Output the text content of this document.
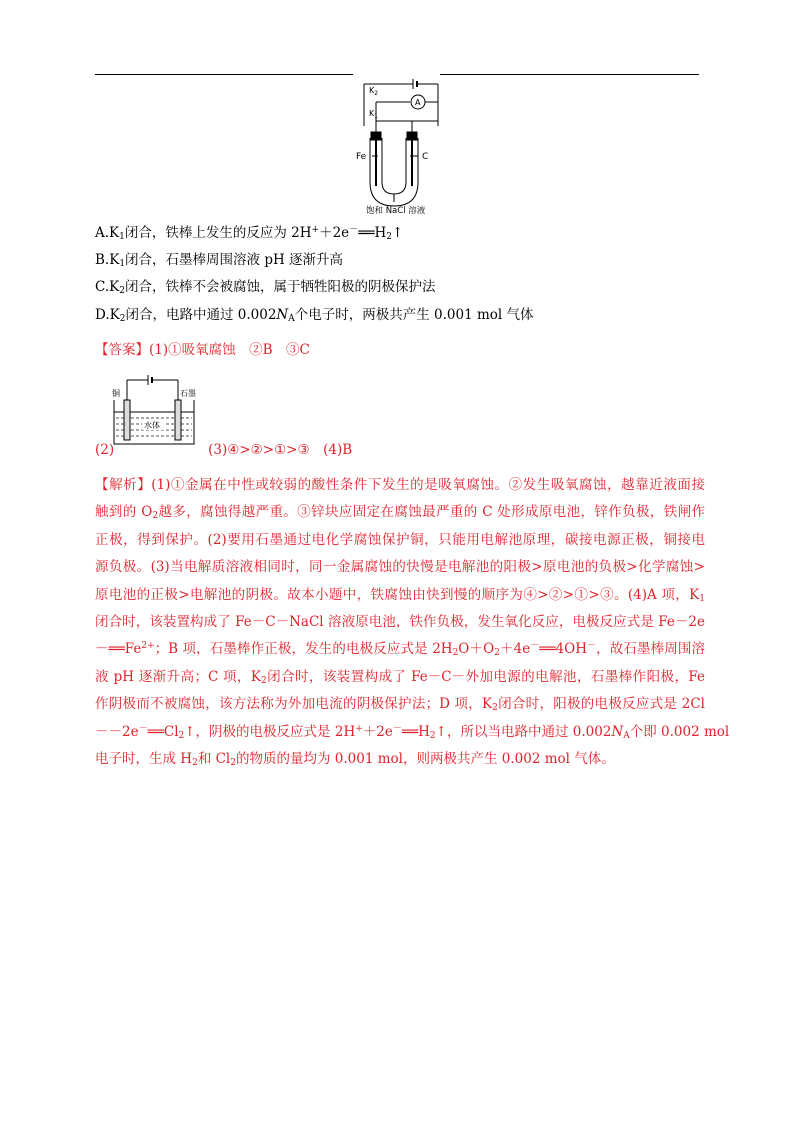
$K_2$
A
$K_1$
Fe	C
饱和 NaCl 溶液
$A.K_1$闭合，铁棒上发生的反应为 $2H^++2e^-══H_2↑$
$B.K_1$闭合，石墨棒周围溶液 pH 逐渐升高
$C.K_2$闭合，铁棒不会被腐蚀，属于牺牲阳极的阴极保护法
$D.K_2$闭合，电路中通过 $0.002N_A$个电子时，两极共产生 0.001 mol 气体
【答案】(1)①吸氧腐蚀　②B　③C
铜	石墨
水体
(2)	(3)④>②>①>③　(4)B
【解析】(1)①金属在中性或较弱的酸性条件下发生的是吸氧腐蚀。②发生吸氧腐蚀，越靠近液面接
触到的 $O_2$越多，腐蚀得越严重。③锌块应固定在腐蚀最严重的 C 处形成原电池，锌作负极，铁闸作
正极，得到保护。(2)要用石墨通过电化学腐蚀保护铜，只能用电解池原理，碳接电源正极，铜接电
源负极。(3)当电解质溶液相同时，同一金属腐蚀的快慢是电解池的阳极>原电池的负极>化学腐蚀>
原电池的正极>电解池的阴极。故本小题中，铁腐蚀由快到慢的顺序为④>②>①>③。(4)A 项，$K_1$
闭合时，该装置构成了 Fe－C－NaCl 溶液原电池，铁作负极，发生氧化反应，电极反应式是 Fe－2e
$-══Fe^{2+}$；B 项，石墨棒作正极，发生的电极反应式是 $2H_2O+O_2+4e^-══4OH^-$，故石墨棒周围溶
液 pH 逐渐升高；C 项，$K_2$闭合时，该装置构成了 Fe－C－外加电源的电解池，石墨棒作阳极，Fe
作阴极而不被腐蚀，该方法称为外加电流的阴极保护法；D 项，$K_2$闭合时，阳极的电极反应式是 2Cl
$--2e^-══Cl_2↑$，阴极的电极反应式是 $2H^++2e^-══H_2↑$，所以当电路中通过 $0.002N_A$个即 0.002 mol
电子时，生成 $H_2$和 $Cl_2$的物质的量均为 0.001 mol，则两极共产生 0.002 mol 气体。
